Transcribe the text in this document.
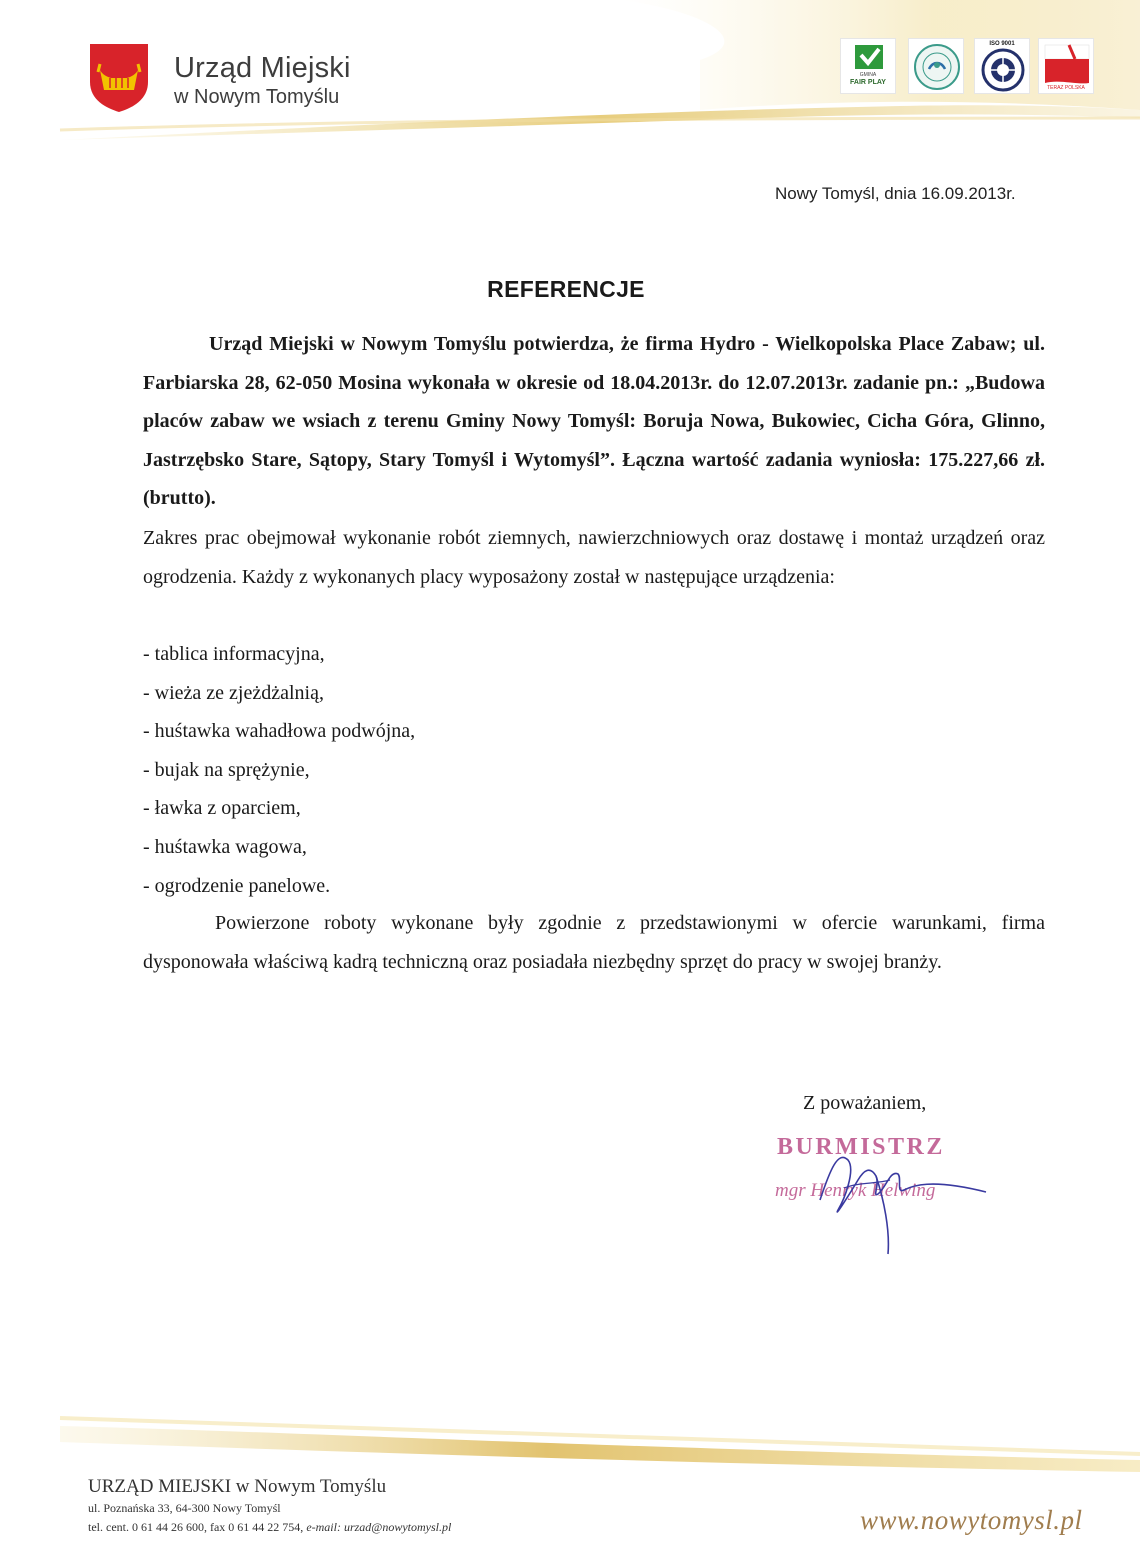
Urząd Miejski
w Nowym Tomyślu
GMINA
FAIR PLAY
ISO 9001
TERAZ POLSKA
Nowy Tomyśl, dnia 16.09.2013r.
REFERENCJE

Urząd Miejski w Nowym Tomyślu potwierdza, że firma Hydro - Wielkopolska Place Zabaw; ul. Farbiarska 28, 62-050 Mosina wykonała w okresie od 18.04.2013r. do 12.07.2013r. zadanie pn.: „Budowa placów zabaw we wsiach z terenu Gminy Nowy Tomyśl: Boruja Nowa, Bukowiec, Cicha Góra, Glinno, Jastrzębsko Stare, Sątopy, Stary Tomyśl i Wytomyśl”. Łączna wartość zadania wyniosła: 175.227,66 zł. (brutto).

Zakres prac obejmował wykonanie robót ziemnych, nawierzchniowych oraz dostawę i montaż urządzeń oraz ogrodzenia. Każdy z wykonanych placy wyposażony został w następujące urządzenia:

- tablica informacyjna,
- wieża ze zjeżdżalnią,
- huśtawka wahadłowa podwójna,
- bujak na sprężynie,
- ławka z oparciem,
- huśtawka wagowa,
- ogrodzenie panelowe.

Powierzone roboty wykonane były zgodnie z przedstawionymi w ofercie warunkami, firma dysponowała właściwą kadrą techniczną oraz posiadała niezbędny sprzęt do pracy w swojej branży.

Z poważaniem,
BURMISTRZ
mgr Henryk Helwing
URZĄD MIEJSKI w Nowym Tomyślu
ul. Poznańska 33, 64-300 Nowy Tomyśl
tel. cent. 0 61 44 26 600, fax 0 61 44 22 754, e-mail: urzad@nowytomysl.pl	www.nowytomysl.pl
